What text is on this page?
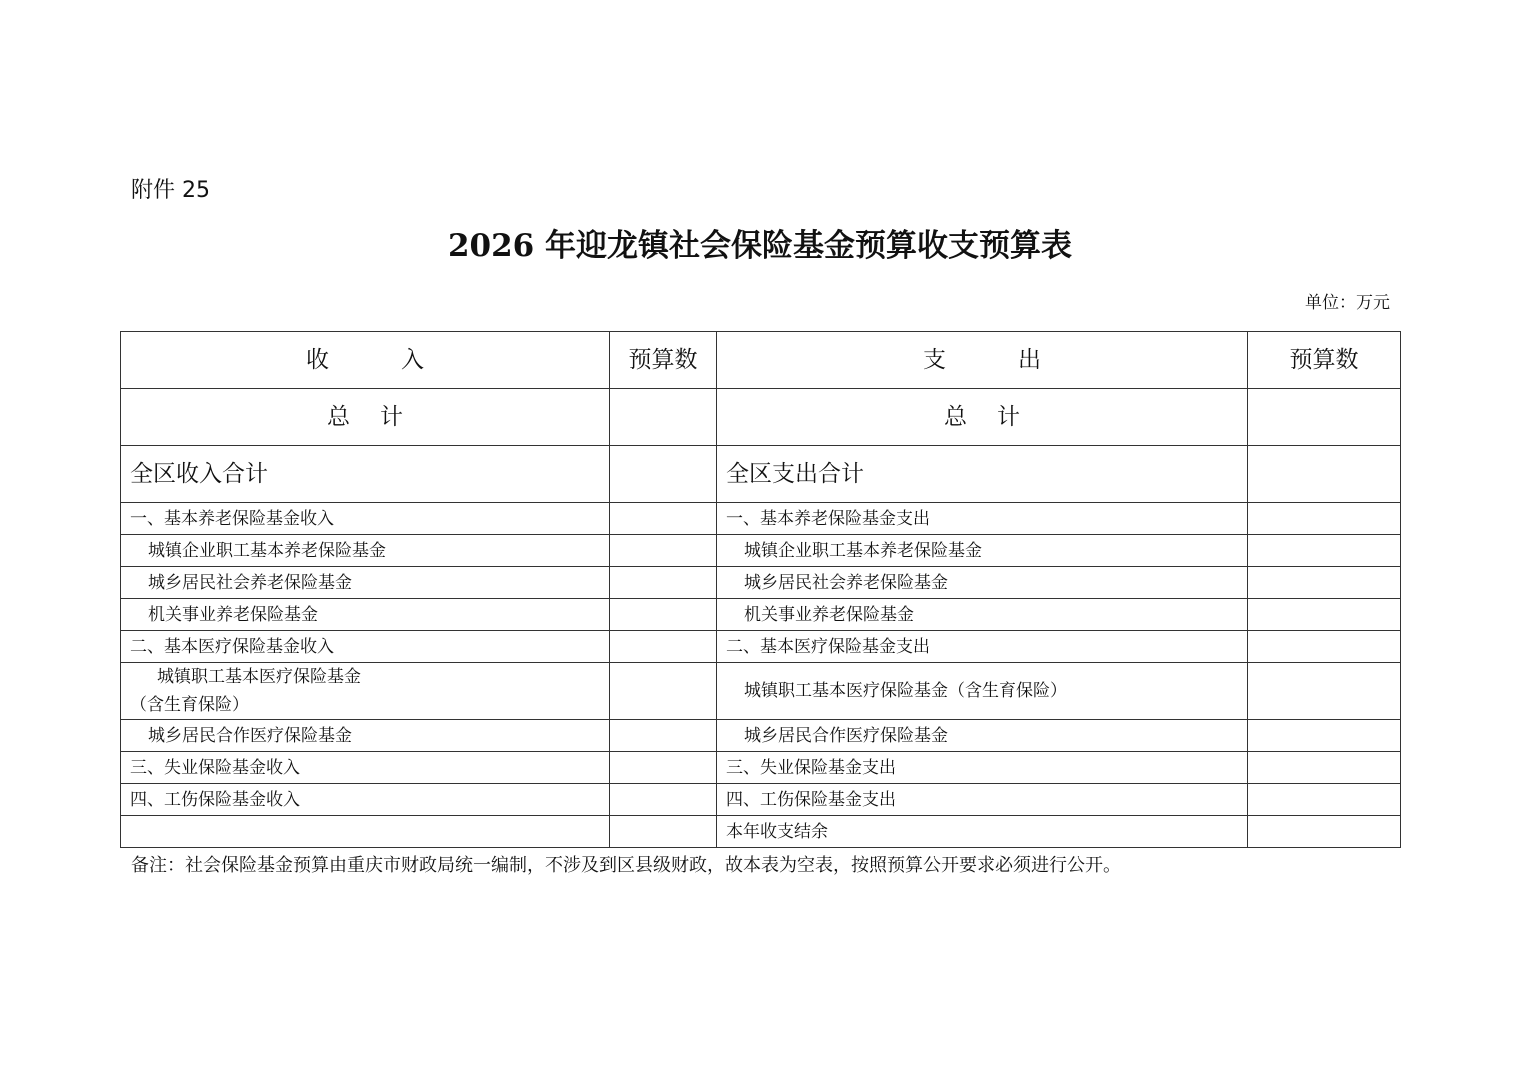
附件 25
2026 年迎龙镇社会保险基金预算收支预算表
单位：万元
收入	预算数	支出	预算数
总计		总计	
全区收入合计		全区支出合计	
一、基本养老保险基金收入		一、基本养老保险基金支出	
城镇企业职工基本养老保险基金		城镇企业职工基本养老保险基金	
城乡居民社会养老保险基金		城乡居民社会养老保险基金	
机关事业养老保险基金		机关事业养老保险基金	
二、基本医疗保险基金收入		二、基本医疗保险基金支出	

城镇职工基本医疗保险基金
（含生育保险）		城镇职工基本医疗保险基金（含生育保险）	
城乡居民合作医疗保险基金		城乡居民合作医疗保险基金	
三、失业保险基金收入		三、失业保险基金支出	
四、工伤保险基金收入		四、工伤保险基金支出	
		本年收支结余	
备注：社会保险基金预算由重庆市财政局统一编制，不涉及到区县级财政，故本表为空表，按照预算公开要求必须进行公开。
